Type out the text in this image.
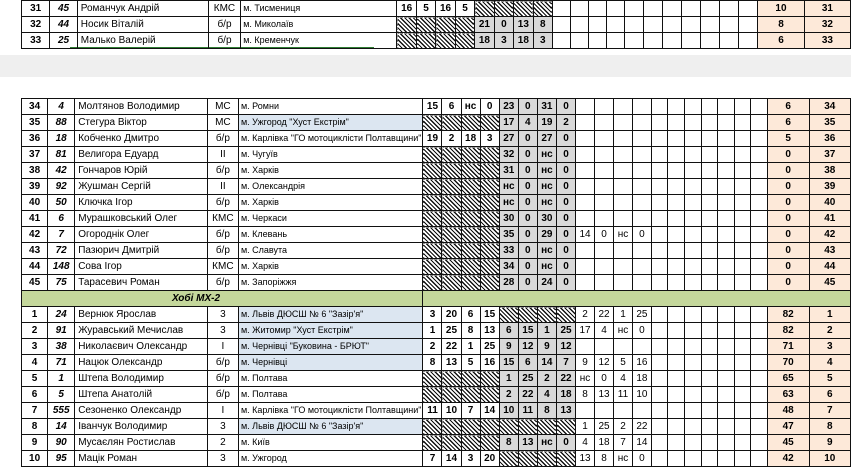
31	45	Романчук Андрій	КМС	м. Тисмениця	16	5	16	5																10	31
32	44	Носик Віталій	б/р	м. Миколаїв					21	0	13	8												8	32
33	25	Малько Валерій	б/р	м. Кременчук					18	3	18	3												6	33
34	4	Молтянов Володимир	МС	м. Ромни	15	6	нс	0	23	0	31	0												6	34
35	88	Стегура Віктор	МС	м. Ужгород "Хуст Екстрім"					17	4	19	2												6	35
36	18	Кобченко Дмитро	б/р	м. Карлівка "ГО мотоциклісти Полтавщини"	19	2	18	3	27	0	27	0												5	36
37	81	Велигора Едуард	ІІ	м. Чугуїв					32	0	нс	0												0	37
38	42	Гончаров Юрій	б/р	м. Харків					31	0	нс	0												0	38
39	92	Жушман Сергій	ІІ	м. Олександрія					нс	0	нс	0												0	39
40	50	Ключка Ігор	б/р	м. Харків					нс	0	нс	0												0	40
41	6	Мурашковський Олег	КМС	м. Черкаси					30	0	30	0												0	41
42	7	Огороднік Олег	б/р	м. Клевань					35	0	29	0	14	0	нс	0								0	42
43	72	Пазюрич Дмитрій	б/р	м. Славута					33	0	нс	0												0	43
44	148	Сова Ігор	КМС	м. Харків					34	0	нс	0												0	44
45	75	Тарасевич Роман	б/р	м. Запоріжжя					28	0	24	0												0	45
Хобі МХ-2																									
1	24	Вернюк Ярослав	3	м. Львів ДЮСШ № 6 "Зазір'я"	3	20	6	15					2	22	1	25								82	1
2	91	Журавський Мечислав	3	м. Житомир "Хуст Екстрім"	1	25	8	13	6	15	1	25	17	4	нс	0								82	2
3	38	Николаєвич Олександр	І	м. Чернівці "Буковина - БРЮТ"	2	22	1	25	9	12	9	12												71	3
4	71	Нацюк Олександр	б/р	м. Чернівці	8	13	5	16	15	6	14	7	9	12	5	16								70	4
5	1	Штепа Володимир	б/р	м. Полтава					1	25	2	22	нс	0	4	18								65	5
6	5	Штепа Анатолій	б/р	м. Полтава					2	22	4	18	8	13	11	10								63	6
7	555	Сезоненко Олександр	І	м. Карлівка "ГО мотоциклісти Полтавщини"	11	10	7	14	10	11	8	13												48	7
8	14	Іванчук Володимир	3	м. Львів ДЮСШ № 6 "Зазір'я"									1	25	2	22								47	8
9	90	Мусаєлян Ростислав	2	м. Київ					8	13	нс	0	4	18	7	14								45	9
10	95	Мацік Роман	3	м. Ужгород	7	14	3	20					13	8	нс	0								42	10
